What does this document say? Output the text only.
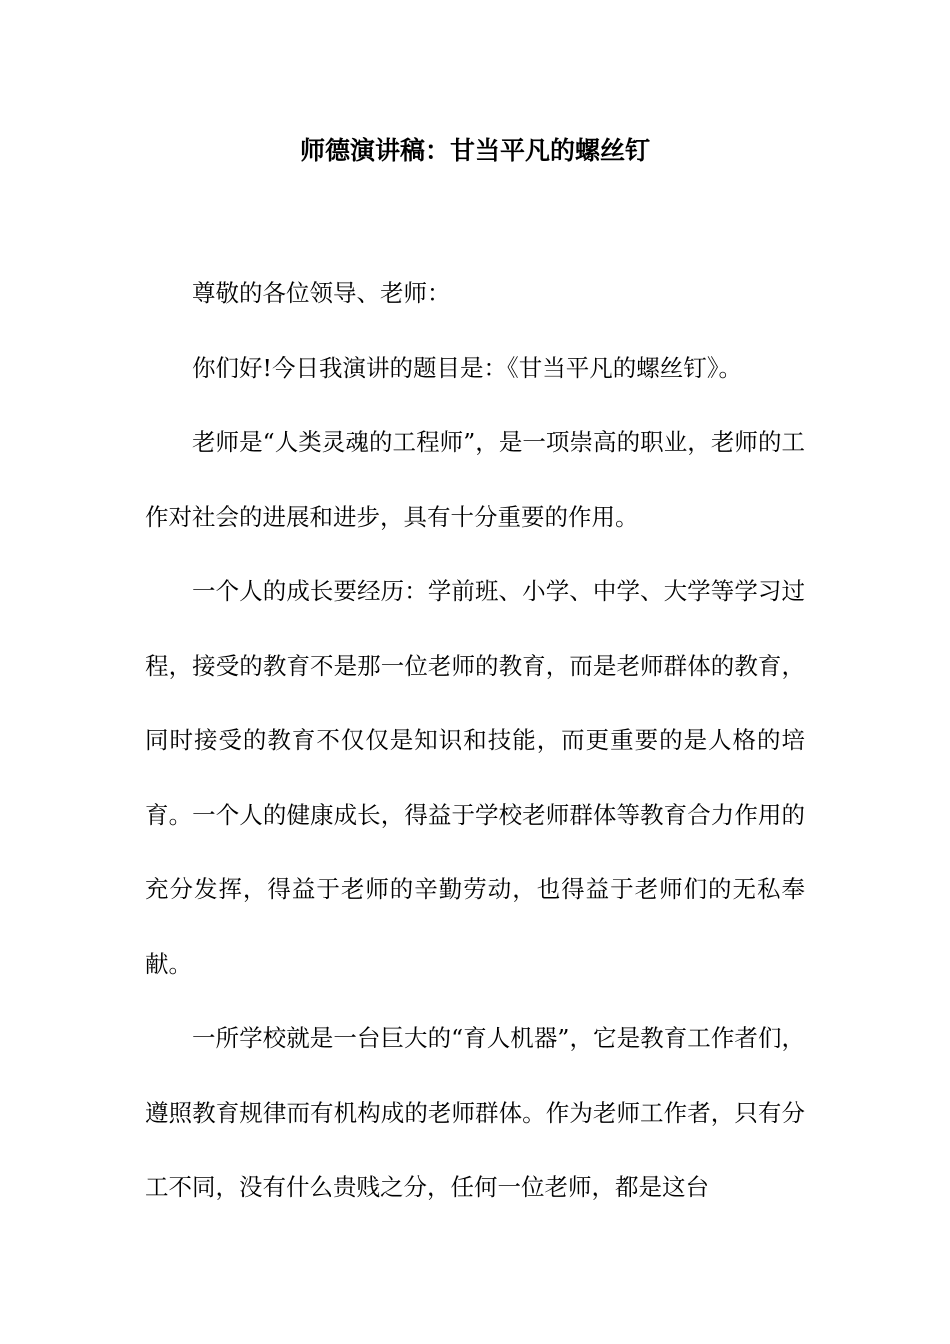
师德演讲稿：甘当平凡的螺丝钉

尊敬的各位领导、老师：

你们好!今日我演讲的题目是：《甘当平凡的螺丝钉》。

老师是“人类灵魂的工程师”，是一项崇高的职业，老师的工作对社会的进展和进步，具有十分重要的作用。

一个人的成长要经历：学前班、小学、中学、大学等学习过程，接受的教育不是那一位老师的教育，而是老师群体的教育，同时接受的教育不仅仅是知识和技能，而更重要的是人格的培育。一个人的健康成长，得益于学校老师群体等教育合力作用的充分发挥，得益于老师的辛勤劳动，也得益于老师们的无私奉献。

一所学校就是一台巨大的“育人机器”，它是教育工作者们，遵照教育规律而有机构成的老师群体。作为老师工作者，只有分工不同，没有什么贵贱之分，任何一位老师，都是这台
